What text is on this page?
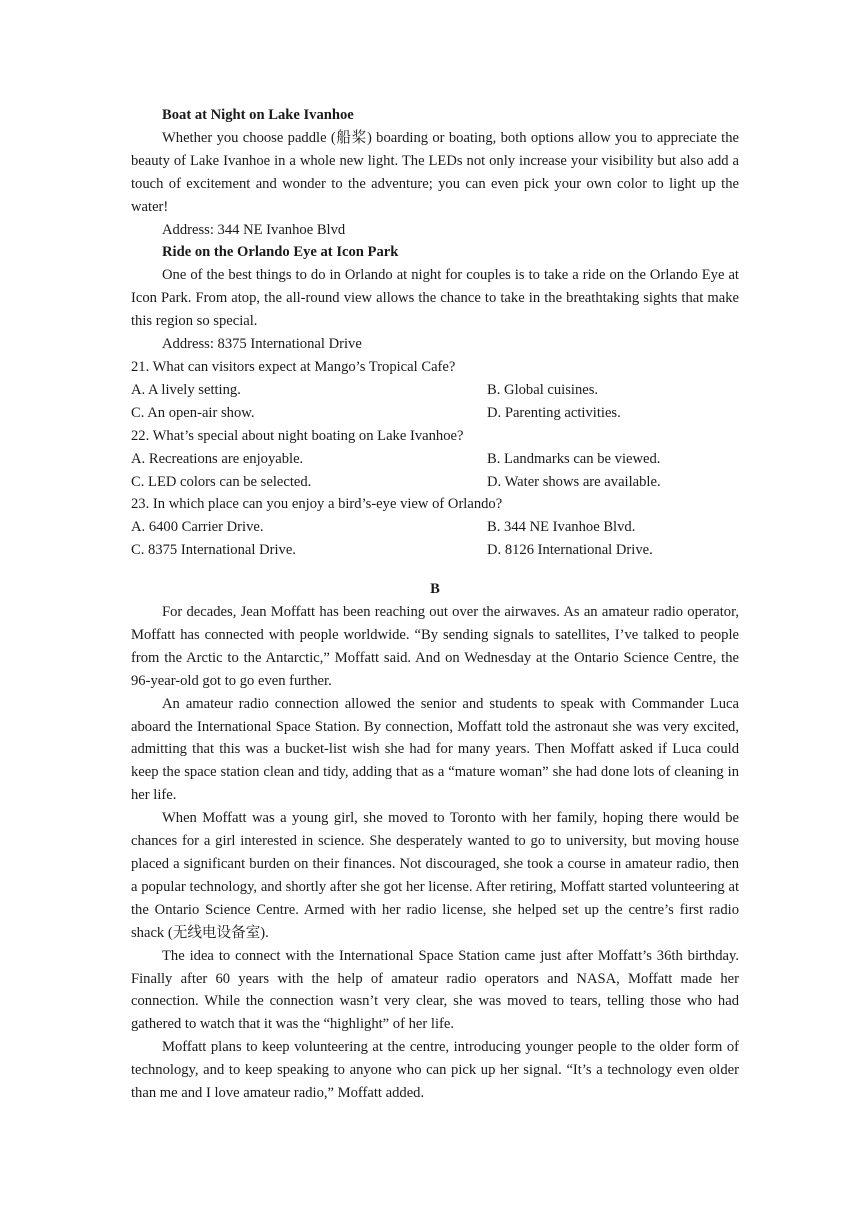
Boat at Night on Lake Ivanhoe

Whether you choose paddle (船桨) boarding or boating, both options allow you to appreciate the beauty of Lake Ivanhoe in a whole new light. The LEDs not only increase your visibility but also add a touch of excitement and wonder to the adventure; you can even pick your own color to light up the water!

Address: 344 NE Ivanhoe Blvd

Ride on the Orlando Eye at Icon Park

One of the best things to do in Orlando at night for couples is to take a ride on the Orlando Eye at Icon Park. From atop, the all-round view allows the chance to take in the breathtaking sights that make this region so special.

Address: 8375 International Drive

21. What can visitors expect at Mango’s Tropical Cafe?

A. A lively setting.	B. Global cuisines.
C. An open-air show.	D. Parenting activities.

22. What’s special about night boating on Lake Ivanhoe?

A. Recreations are enjoyable.	B. Landmarks can be viewed.
C. LED colors can be selected.	D. Water shows are available.

23. In which place can you enjoy a bird’s-eye view of Orlando?

A. 6400 Carrier Drive.	B. 344 NE Ivanhoe Blvd.
C. 8375 International Drive.	D. 8126 International Drive.

B

For decades, Jean Moffatt has been reaching out over the airwaves. As an amateur radio operator, Moffatt has connected with people worldwide. “By sending signals to satellites, I’ve talked to people from the Arctic to the Antarctic,” Moffatt said. And on Wednesday at the Ontario Science Centre, the 96-year-old got to go even further.

An amateur radio connection allowed the senior and students to speak with Commander Luca aboard the International Space Station. By connection, Moffatt told the astronaut she was very excited, admitting that this was a bucket-list wish she had for many years. Then Moffatt asked if Luca could keep the space station clean and tidy, adding that as a “mature woman” she had done lots of cleaning in her life.

When Moffatt was a young girl, she moved to Toronto with her family, hoping there would be chances for a girl interested in science. She desperately wanted to go to university, but moving house placed a significant burden on their finances. Not discouraged, she took a course in amateur radio, then a popular technology, and shortly after she got her license. After retiring, Moffatt started volunteering at the Ontario Science Centre. Armed with her radio license, she helped set up the centre’s first radio shack (无线电设备室).

The idea to connect with the International Space Station came just after Moffatt’s 36th birthday. Finally after 60 years with the help of amateur radio operators and NASA, Moffatt made her connection. While the connection wasn’t very clear, she was moved to tears, telling those who had gathered to watch that it was the “highlight” of her life.

Moffatt plans to keep volunteering at the centre, introducing younger people to the older form of technology, and to keep speaking to anyone who can pick up her signal. “It’s a technology even older than me and I love amateur radio,” Moffatt added.
